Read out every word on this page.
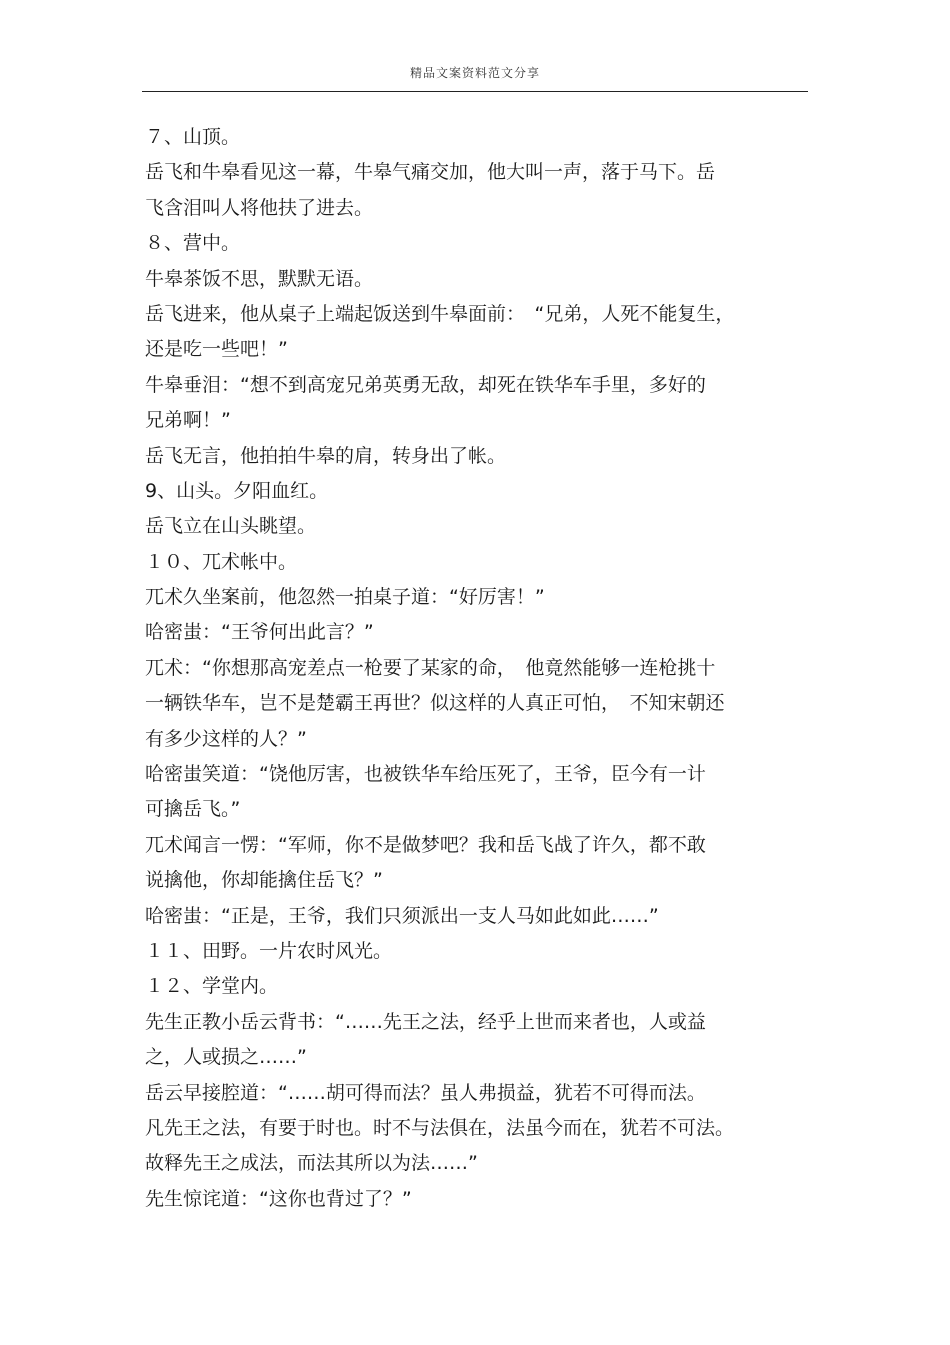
精品文案资料范文分享
７、山顶。
岳飞和牛皋看见这一幕，牛皋气痛交加，他大叫一声，落于马下。岳
飞含泪叫人将他扶了进去。
８、营中。
牛皋茶饭不思，默默无语。
岳飞进来，他从桌子上端起饭送到牛皋面前：　“兄弟，人死不能复生，
还是吃一些吧！”
牛皋垂泪：“想不到高宠兄弟英勇无敌，却死在铁华车手里，多好的
兄弟啊！”
岳飞无言，他拍拍牛皋的肩，转身出了帐。
9、山头。夕阳血红。
岳飞立在山头眺望。
１０、兀术帐中。
兀术久坐案前，他忽然一拍桌子道：“好厉害！”
哈密蚩：“王爷何出此言？”
兀术：“你想那高宠差点一枪要了某家的命，　他竟然能够一连枪挑十
一辆铁华车，岂不是楚霸王再世？似这样的人真正可怕，　不知宋朝还
有多少这样的人？”
哈密蚩笑道：“饶他厉害，也被铁华车给压死了，王爷，臣今有一计
可擒岳飞。”
兀术闻言一愣：“军师，你不是做梦吧？我和岳飞战了许久，都不敢
说擒他，你却能擒住岳飞？”
哈密蚩：“正是，王爷，我们只须派出一支人马如此如此……”
１１、田野。一片农时风光。
１２、学堂内。
先生正教小岳云背书：“……先王之法，经乎上世而来者也，人或益
之，人或损之……”
岳云早接腔道：“……胡可得而法？虽人弗损益，犹若不可得而法。
凡先王之法，有要于时也。时不与法俱在，法虽今而在，犹若不可法。
故释先王之成法，而法其所以为法……”
先生惊诧道：“这你也背过了？”
